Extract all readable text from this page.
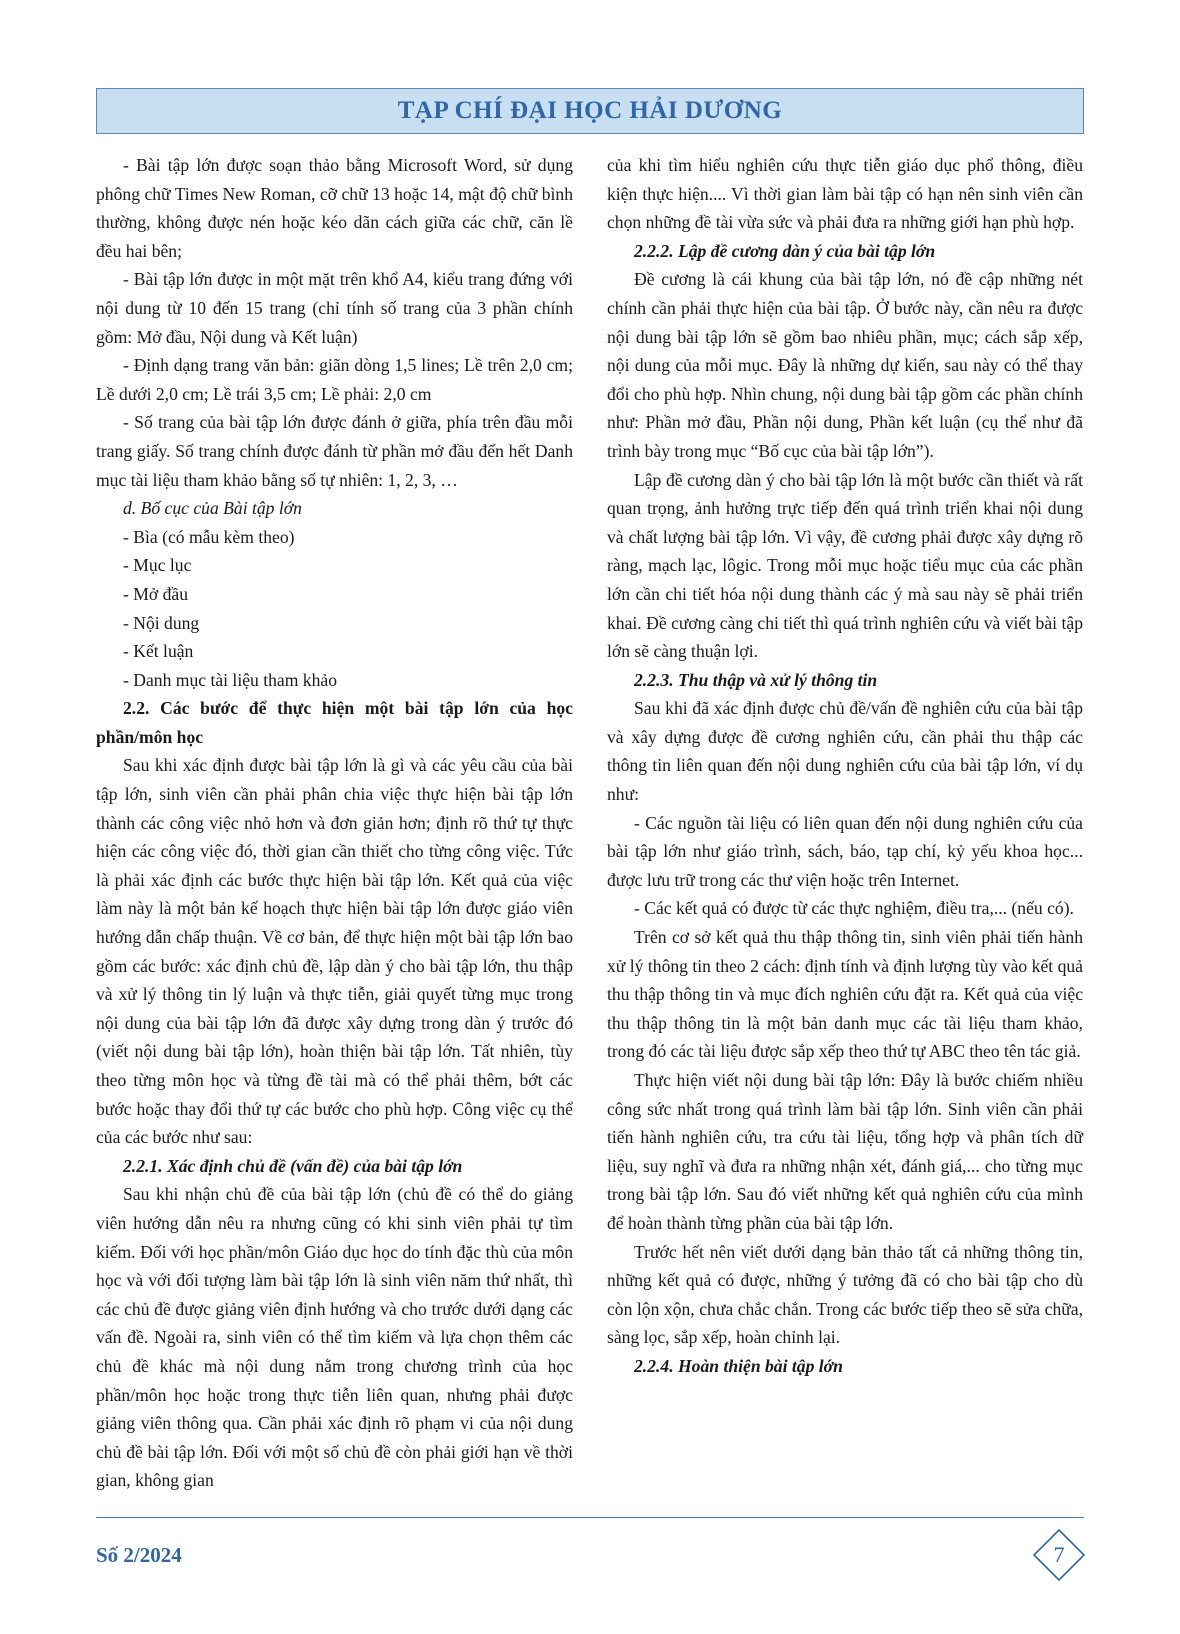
TẠP CHÍ ĐẠI HỌC HẢI DƯƠNG

- Bài tập lớn được soạn thảo bằng Microsoft Word, sử dụng phông chữ Times New Roman, cỡ chữ 13 hoặc 14, mật độ chữ bình thường, không được nén hoặc kéo dãn cách giữa các chữ, căn lề đều hai bên;

- Bài tập lớn được in một mặt trên khổ A4, kiểu trang đứng với nội dung từ 10 đến 15 trang (chỉ tính số trang của 3 phần chính gồm: Mở đầu, Nội dung và Kết luận)

- Định dạng trang văn bản: giãn dòng 1,5 lines; Lề trên 2,0 cm; Lề dưới 2,0 cm; Lề trái 3,5 cm; Lề phải: 2,0 cm

- Số trang của bài tập lớn được đánh ở giữa, phía trên đầu mỗi trang giấy. Số trang chính được đánh từ phần mở đầu đến hết Danh mục tài liệu tham khảo bằng số tự nhiên: 1, 2, 3, …

d. Bố cục của Bài tập lớn

- Bìa (có mẫu kèm theo)

- Mục lục

- Mở đầu

- Nội dung

- Kết luận

- Danh mục tài liệu tham khảo

2.2. Các bước để thực hiện một bài tập lớn của học phần/môn học

Sau khi xác định được bài tập lớn là gì và các yêu cầu của bài tập lớn, sinh viên cần phải phân chia việc thực hiện bài tập lớn thành các công việc nhỏ hơn và đơn giản hơn; định rõ thứ tự thực hiện các công việc đó, thời gian cần thiết cho từng công việc. Tức là phải xác định các bước thực hiện bài tập lớn. Kết quả của việc làm này là một bản kế hoạch thực hiện bài tập lớn được giáo viên hướng dẫn chấp thuận. Về cơ bản, để thực hiện một bài tập lớn bao gồm các bước: xác định chủ đề, lập dàn ý cho bài tập lớn, thu thập và xử lý thông tin lý luận và thực tiễn, giải quyết từng mục trong nội dung của bài tập lớn đã được xây dựng trong dàn ý trước đó (viết nội dung bài tập lớn), hoàn thiện bài tập lớn. Tất nhiên, tùy theo từng môn học và từng đề tài mà có thể phải thêm, bớt các bước hoặc thay đổi thứ tự các bước cho phù hợp. Công việc cụ thể của các bước như sau:

2.2.1. Xác định chủ đề (vấn đề) của bài tập lớn

Sau khi nhận chủ đề của bài tập lớn (chủ đề có thể do giảng viên hướng dẫn nêu ra nhưng cũng có khi sinh viên phải tự tìm kiếm. Đối với học phần/môn Giáo dục học do tính đặc thù của môn học và với đối tượng làm bài tập lớn là sinh viên năm thứ nhất, thì các chủ đề được giảng viên định hướng và cho trước dưới dạng các vấn đề. Ngoài ra, sinh viên có thể tìm kiếm và lựa chọn thêm các chủ đề khác mà nội dung nằm trong chương trình của học phần/môn học hoặc trong thực tiễn liên quan, nhưng phải được giảng viên thông qua. Cần phải xác định rõ phạm vi của nội dung chủ đề bài tập lớn. Đối với một số chủ đề còn phải giới hạn về thời gian, không gian

của khi tìm hiểu nghiên cứu thực tiễn giáo dục phổ thông, điều kiện thực hiện.... Vì thời gian làm bài tập có hạn nên sinh viên cần chọn những đề tài vừa sức và phải đưa ra những giới hạn phù hợp.

2.2.2. Lập đề cương dàn ý của bài tập lớn

Đề cương là cái khung của bài tập lớn, nó đề cập những nét chính cần phải thực hiện của bài tập. Ở bước này, cần nêu ra được nội dung bài tập lớn sẽ gồm bao nhiêu phần, mục; cách sắp xếp, nội dung của mỗi mục. Đây là những dự kiến, sau này có thể thay đổi cho phù hợp. Nhìn chung, nội dung bài tập gồm các phần chính như: Phần mở đầu, Phần nội dung, Phần kết luận (cụ thể như đã trình bày trong mục “Bố cục của bài tập lớn”).

Lập đề cương dàn ý cho bài tập lớn là một bước cần thiết và rất quan trọng, ảnh hưởng trực tiếp đến quá trình triển khai nội dung và chất lượng bài tập lớn. Vì vậy, đề cương phải được xây dựng rõ ràng, mạch lạc, lôgic. Trong mỗi mục hoặc tiểu mục của các phần lớn cần chi tiết hóa nội dung thành các ý mà sau này sẽ phải triển khai. Đề cương càng chi tiết thì quá trình nghiên cứu và viết bài tập lớn sẽ càng thuận lợi.

2.2.3. Thu thập và xử lý thông tin

Sau khi đã xác định được chủ đề/vấn đề nghiên cứu của bài tập và xây dựng được đề cương nghiên cứu, cần phải thu thập các thông tin liên quan đến nội dung nghiên cứu của bài tập lớn, ví dụ như:

- Các nguồn tài liệu có liên quan đến nội dung nghiên cứu của bài tập lớn như giáo trình, sách, báo, tạp chí, kỷ yếu khoa học... được lưu trữ trong các thư viện hoặc trên Internet.

- Các kết quả có được từ các thực nghiệm, điều tra,... (nếu có).

Trên cơ sở kết quả thu thập thông tin, sinh viên phải tiến hành xử lý thông tin theo 2 cách: định tính và định lượng tùy vào kết quả thu thập thông tin và mục đích nghiên cứu đặt ra. Kết quả của việc thu thập thông tin là một bản danh mục các tài liệu tham khảo, trong đó các tài liệu được sắp xếp theo thứ tự ABC theo tên tác giả.

Thực hiện viết nội dung bài tập lớn: Đây là bước chiếm nhiều công sức nhất trong quá trình làm bài tập lớn. Sinh viên cần phải tiến hành nghiên cứu, tra cứu tài liệu, tổng hợp và phân tích dữ liệu, suy nghĩ và đưa ra những nhận xét, đánh giá,... cho từng mục trong bài tập lớn. Sau đó viết những kết quả nghiên cứu của mình để hoàn thành từng phần của bài tập lớn.

Trước hết nên viết dưới dạng bản thảo tất cả những thông tin, những kết quả có được, những ý tưởng đã có cho bài tập cho dù còn lộn xộn, chưa chắc chắn. Trong các bước tiếp theo sẽ sửa chữa, sàng lọc, sắp xếp, hoàn chỉnh lại.

2.2.4. Hoàn thiện bài tập lớn

Số 2/2024	7
